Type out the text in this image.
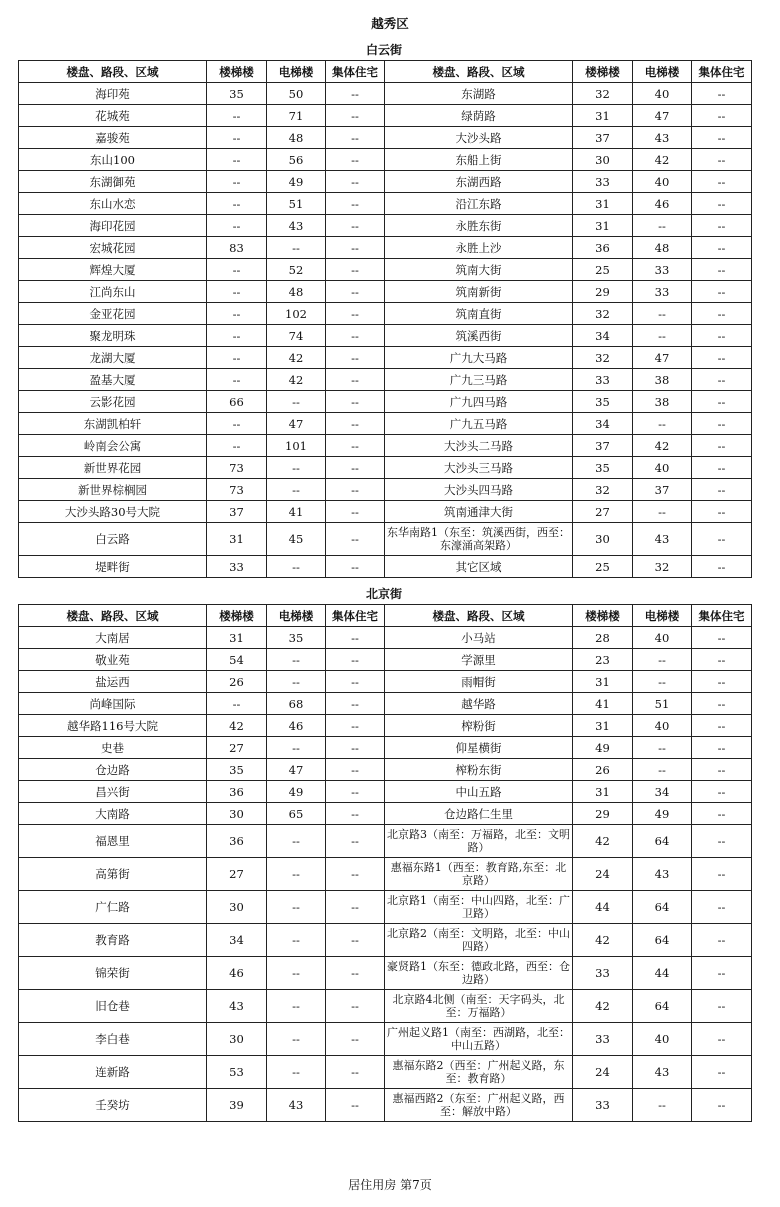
越秀区
白云街
楼盘、路段、区域	楼梯楼	电梯楼	集体住宅	楼盘、路段、区域	楼梯楼	电梯楼	集体住宅
海印苑	35	50	--	东湖路	32	40	--
花城苑	--	71	--	绿荫路	31	47	--
嘉骏苑	--	48	--	大沙头路	37	43	--
东山100	--	56	--	东船上街	30	42	--
东湖御苑	--	49	--	东湖西路	33	40	--
东山水恋	--	51	--	沿江东路	31	46	--
海印花园	--	43	--	永胜东街	31	--	--
宏城花园	83	--	--	永胜上沙	36	48	--
辉煌大厦	--	52	--	筑南大街	25	33	--
江尚东山	--	48	--	筑南新街	29	33	--
金亚花园	--	102	--	筑南直街	32	--	--
聚龙明珠	--	74	--	筑溪西街	34	--	--
龙湖大厦	--	42	--	广九大马路	32	47	--
盈基大厦	--	42	--	广九三马路	33	38	--
云影花园	66	--	--	广九四马路	35	38	--
东湖凯柏轩	--	47	--	广九五马路	34	--	--
岭南会公寓	--	101	--	大沙头二马路	37	42	--
新世界花园	73	--	--	大沙头三马路	35	40	--
新世界棕榈园	73	--	--	大沙头四马路	32	37	--
大沙头路30号大院	37	41	--	筑南通津大街	27	--	--
白云路	31	45	--	东华南路1（东至：筑溪西街，西至：东濠涌高架路）	30	43	--
堤畔街	33	--	--	其它区域	25	32	--
北京街
楼盘、路段、区域	楼梯楼	电梯楼	集体住宅	楼盘、路段、区域	楼梯楼	电梯楼	集体住宅
大南居	31	35	--	小马站	28	40	--
敬业苑	54	--	--	学源里	23	--	--
盐运西	26	--	--	雨帽街	31	--	--
尚峰国际	--	68	--	越华路	41	51	--
越华路116号大院	42	46	--	榨粉街	31	40	--
史巷	27	--	--	仰星横街	49	--	--
仓边路	35	47	--	榨粉东街	26	--	--
昌兴街	36	49	--	中山五路	31	34	--
大南路	30	65	--	仓边路仁生里	29	49	--
福恩里	36	--	--	北京路3（南至：万福路，北至：文明路）	42	64	--
高第街	27	--	--	惠福东路1（西至：教育路,东至：北京路）	24	43	--
广仁路	30	--	--	北京路1（南至：中山四路，北至：广卫路）	44	64	--
教育路	34	--	--	北京路2（南至：文明路，北至：中山四路）	42	64	--
锦荣街	46	--	--	豪贤路1（东至：德政北路，西至：仓边路）	33	44	--
旧仓巷	43	--	--	北京路4北侧（南至：天字码头，北至：万福路）	42	64	--
李白巷	30	--	--	广州起义路1（南至：西湖路，北至：中山五路）	33	40	--
连新路	53	--	--	惠福东路2（西至：广州起义路，东至：教育路）	24	43	--
壬癸坊	39	43	--	惠福西路2（东至：广州起义路，西至：解放中路）	33	--	--
居住用房 第7页
